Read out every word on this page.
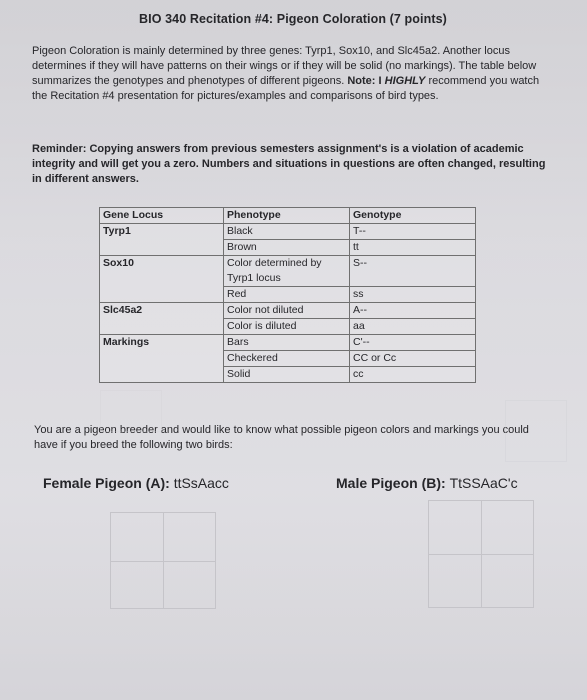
BIO 340 Recitation #4: Pigeon Coloration (7 points)
Pigeon Coloration is mainly determined by three genes: Tyrp1, Sox10, and Slc45a2. Another locus determines if they will have patterns on their wings or if they will be solid (no markings). The table below summarizes the genotypes and phenotypes of different pigeons. Note: I HIGHLY recommend you watch the Recitation #4 presentation for pictures/examples and comparisons of bird types.
Reminder: Copying answers from previous semesters assignment's is a violation of academic integrity and will get you a zero. Numbers and situations in questions are often changed, resulting in different answers.
Gene Locus	Phenotype	Genotype
Tyrp1	Black	T--
	Brown	tt
Sox10	Color determined by Tyrp1 locus	S--
	Red	ss
Slc45a2	Color not diluted	A--
	Color is diluted	aa
Markings	Bars	C'--
	Checkered	CC or Cc
	Solid	cc
You are a pigeon breeder and would like to know what possible pigeon colors and markings you could have if you breed the following two birds:
Female Pigeon (A): ttSsAacc	Male Pigeon (B): TtSSAaC'c
